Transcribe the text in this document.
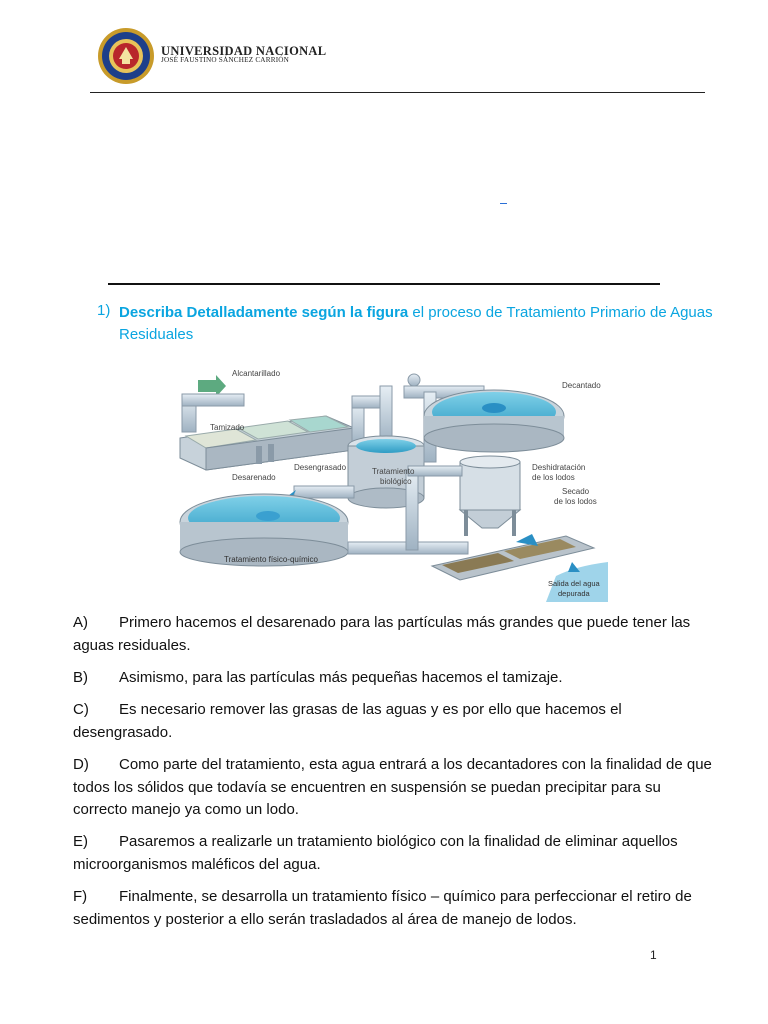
UNIVERSIDAD NACIONAL
JOSÉ FAUSTINO SÁNCHEZ CARRIÓN
1) Describa Detalladamente según la figura el proceso de Tratamiento Primario de Aguas Residuales
Alcantarillado
Tamizado
Desarenado
Desengrasado	Tratamiento
biológico
Decantado
Deshidratación
de los lodos
Secado
de los lodos
Tratamiento físico-químico
Salida del agua
depurada
A) Primero hacemos el desarenado para las partículas más grandes que puede tener las aguas residuales.
B) Asimismo, para las partículas más pequeñas hacemos el tamizaje.
C) Es necesario remover las grasas de las aguas y es por ello que hacemos el desengrasado.
D) Como parte del tratamiento, esta agua entrará a los decantadores con la finalidad de que todos los sólidos que todavía se encuentren en suspensión se puedan precipitar para su correcto manejo ya como un lodo.
E) Pasaremos a realizarle un tratamiento biológico con la finalidad de eliminar aquellos microorganismos maléficos del agua.
F) Finalmente, se desarrolla un tratamiento físico – químico para perfeccionar el retiro de sedimentos y posterior a ello serán trasladados al área de manejo de lodos.
1
